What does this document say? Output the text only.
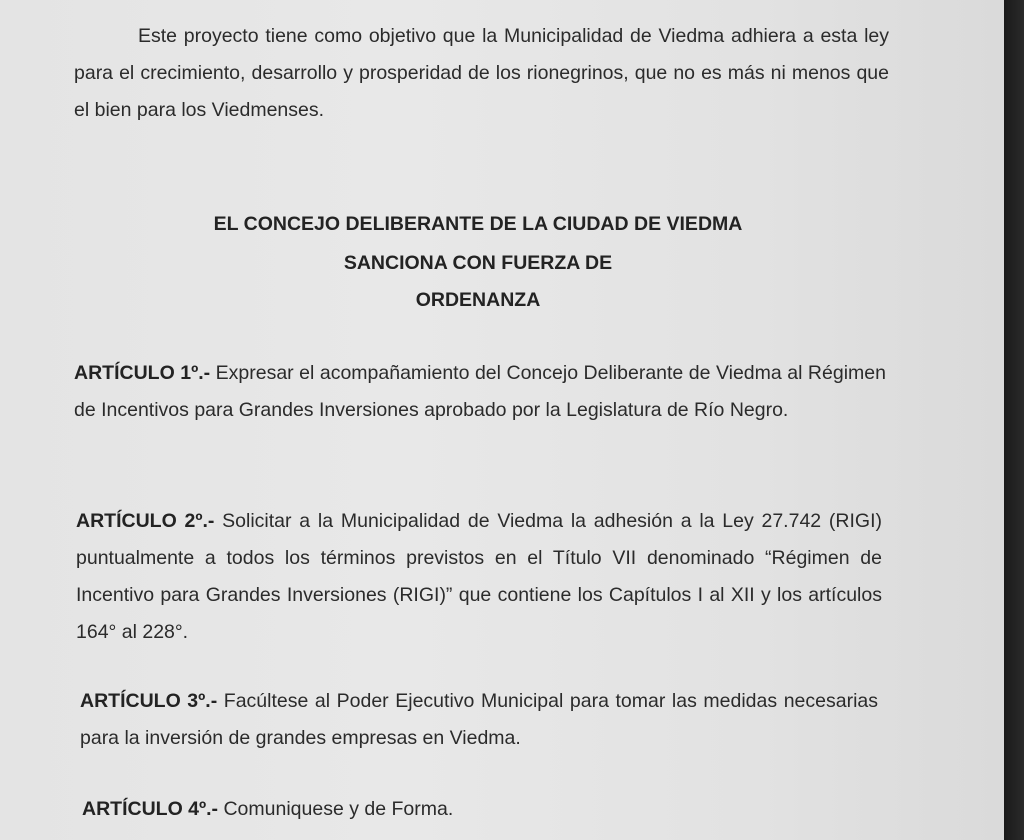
Este proyecto tiene como objetivo que la Municipalidad de Viedma adhiera a esta ley para el crecimiento, desarrollo y prosperidad de los rionegrinos, que no es más ni menos que el bien para los Viedmenses.

EL CONCEJO DELIBERANTE DE LA CIUDAD DE VIEDMA
SANCIONA CON FUERZA DE
ORDENANZA

ARTÍCULO 1º.- Expresar el acompañamiento del Concejo Deliberante de Viedma al Régimen de Incentivos para Grandes Inversiones aprobado por la Legislatura de Río Negro.

ARTÍCULO 2º.- Solicitar a la Municipalidad de Viedma la adhesión a la Ley 27.742 (RIGI) puntualmente a todos los términos previstos en el Título VII denominado “Régimen de Incentivo para Grandes Inversiones (RIGI)” que contiene los Capítulos I al XII y los artículos 164° al 228°.

ARTÍCULO 3º.- Facúltese al Poder Ejecutivo Municipal para tomar las medidas necesarias para la inversión de grandes empresas en Viedma.

ARTÍCULO 4º.- Comuniquese y de Forma.
